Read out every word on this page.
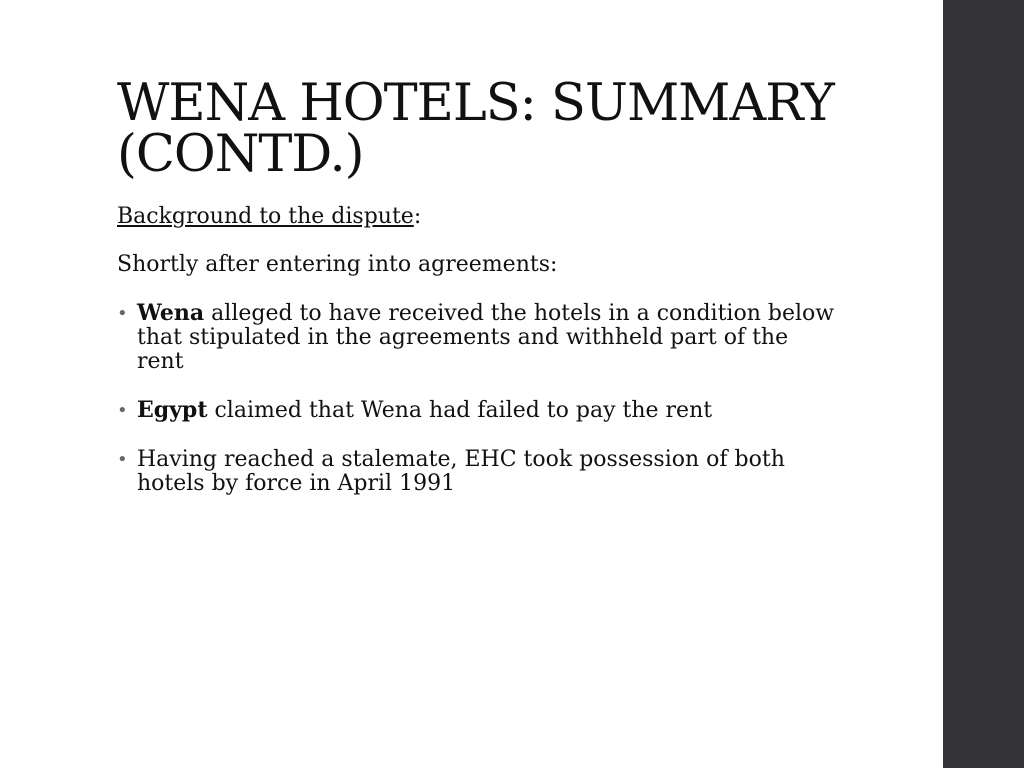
WENA HOTELS: SUMMARY
(CONTD.)

Background to the dispute:

Shortly after entering into agreements:

• Wena alleged to have received the hotels in a condition below that stipulated in the agreements and withheld part of the rent
• Egypt claimed that Wena had failed to pay the rent
• Having reached a stalemate, EHC took possession of both hotels by force in April 1991
